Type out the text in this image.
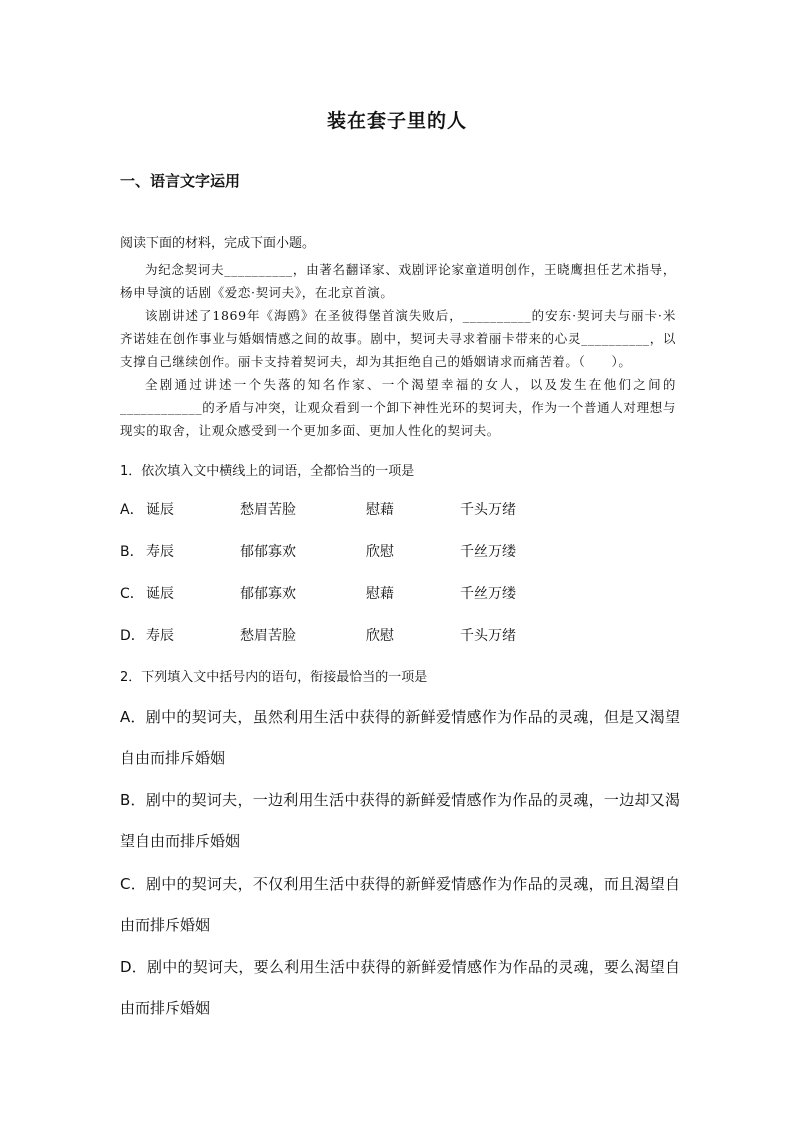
装在套子里的人
一、语言文字运用
阅读下面的材料，完成下面小题。

为纪念契诃夫__________，由著名翻译家、戏剧评论家童道明创作，王晓鹰担任艺术指导，杨申导演的话剧《爱恋·契诃夫》，在北京首演。

该剧讲述了1869年《海鸥》在圣彼得堡首演失败后，__________的安东·契诃夫与丽卡·米齐诺娃在创作事业与婚姻情感之间的故事。剧中，契诃夫寻求着丽卡带来的心灵__________，以支撑自己继续创作。丽卡支持着契诃夫，却为其拒绝自己的婚姻请求而痛苦着。（　　）。

全剧通过讲述一个失落的知名作家、一个渴望幸福的女人，以及发生在他们之间的____________的矛盾与冲突，让观众看到一个卸下神性光环的契诃夫，作为一个普通人对理想与现实的取舍，让观众感受到一个更加多面、更加人性化的契诃夫。

1．依次填入文中横线上的词语，全都恰当的一项是
A． 诞辰	愁眉苦脸	慰藉	千头万绪
B． 寿辰	郁郁寡欢	欣慰	千丝万缕
C． 诞辰	郁郁寡欢	慰藉	千丝万缕
D． 寿辰	愁眉苦脸	欣慰	千头万绪
2．下列填入文中括号内的语句，衔接最恰当的一项是
A．剧中的契诃夫，虽然利用生活中获得的新鲜爱情感作为作品的灵魂，但是又渴望自由而排斥婚姻
B．剧中的契诃夫，一边利用生活中获得的新鲜爱情感作为作品的灵魂，一边却又渴望自由而排斥婚姻
C．剧中的契诃夫，不仅利用生活中获得的新鲜爱情感作为作品的灵魂，而且渴望自由而排斥婚姻
D．剧中的契诃夫，要么利用生活中获得的新鲜爱情感作为作品的灵魂，要么渴望自由而排斥婚姻
